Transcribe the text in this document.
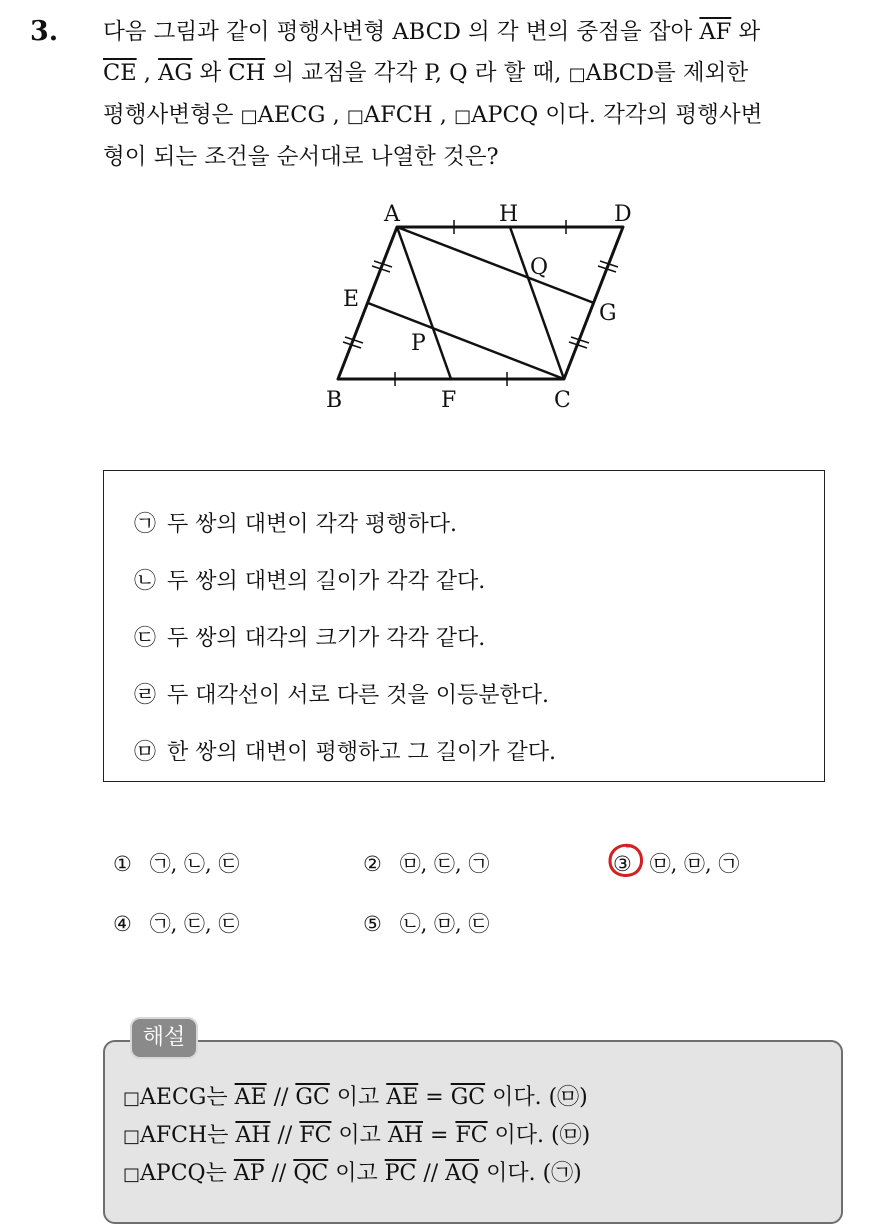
3. 다음 그림과 같이 평행사변형 ABCD 의 각 변의 중점을 잡아 $\overline{AF}$ 와
$\overline{CE}$ , $\overline{AG}$ 와 $\overline{CH}$ 의 교점을 각각 P, Q 라 할 때, □ABCD를 제외한
평행사변형은 □AECG , □AFCH , □APCQ 이다. 각각의 평행사변
형이 되는 조건을 순서대로 나열한 것은?
A	H	D
Q
E
G
P
B	F	C
㉠ 두 쌍의 대변이 각각 평행하다.
㉡ 두 쌍의 대변의 길이가 각각 같다.
㉢ 두 쌍의 대각의 크기가 각각 같다.
㉣ 두 대각선이 서로 다른 것을 이등분한다.
㉤ 한 쌍의 대변이 평행하고 그 길이가 같다.
① ㉠, ㉡, ㉢	② ㉤, ㉢, ㉠	③ ㉤, ㉤, ㉠
④ ㉠, ㉢, ㉢	⑤ ㉡, ㉤, ㉢
해설
□AECG는 $\overline{AE} // \overline{GC}$ 이고 $\overline{AE} = \overline{GC}$ 이다. (㉤)
□AFCH는 $\overline{AH} // \overline{FC}$ 이고 $\overline{AH} = \overline{FC}$ 이다. (㉤)
□APCQ는 $\overline{AP} // \overline{QC}$ 이고 $\overline{PC} // \overline{AQ}$ 이다. (㉠)
